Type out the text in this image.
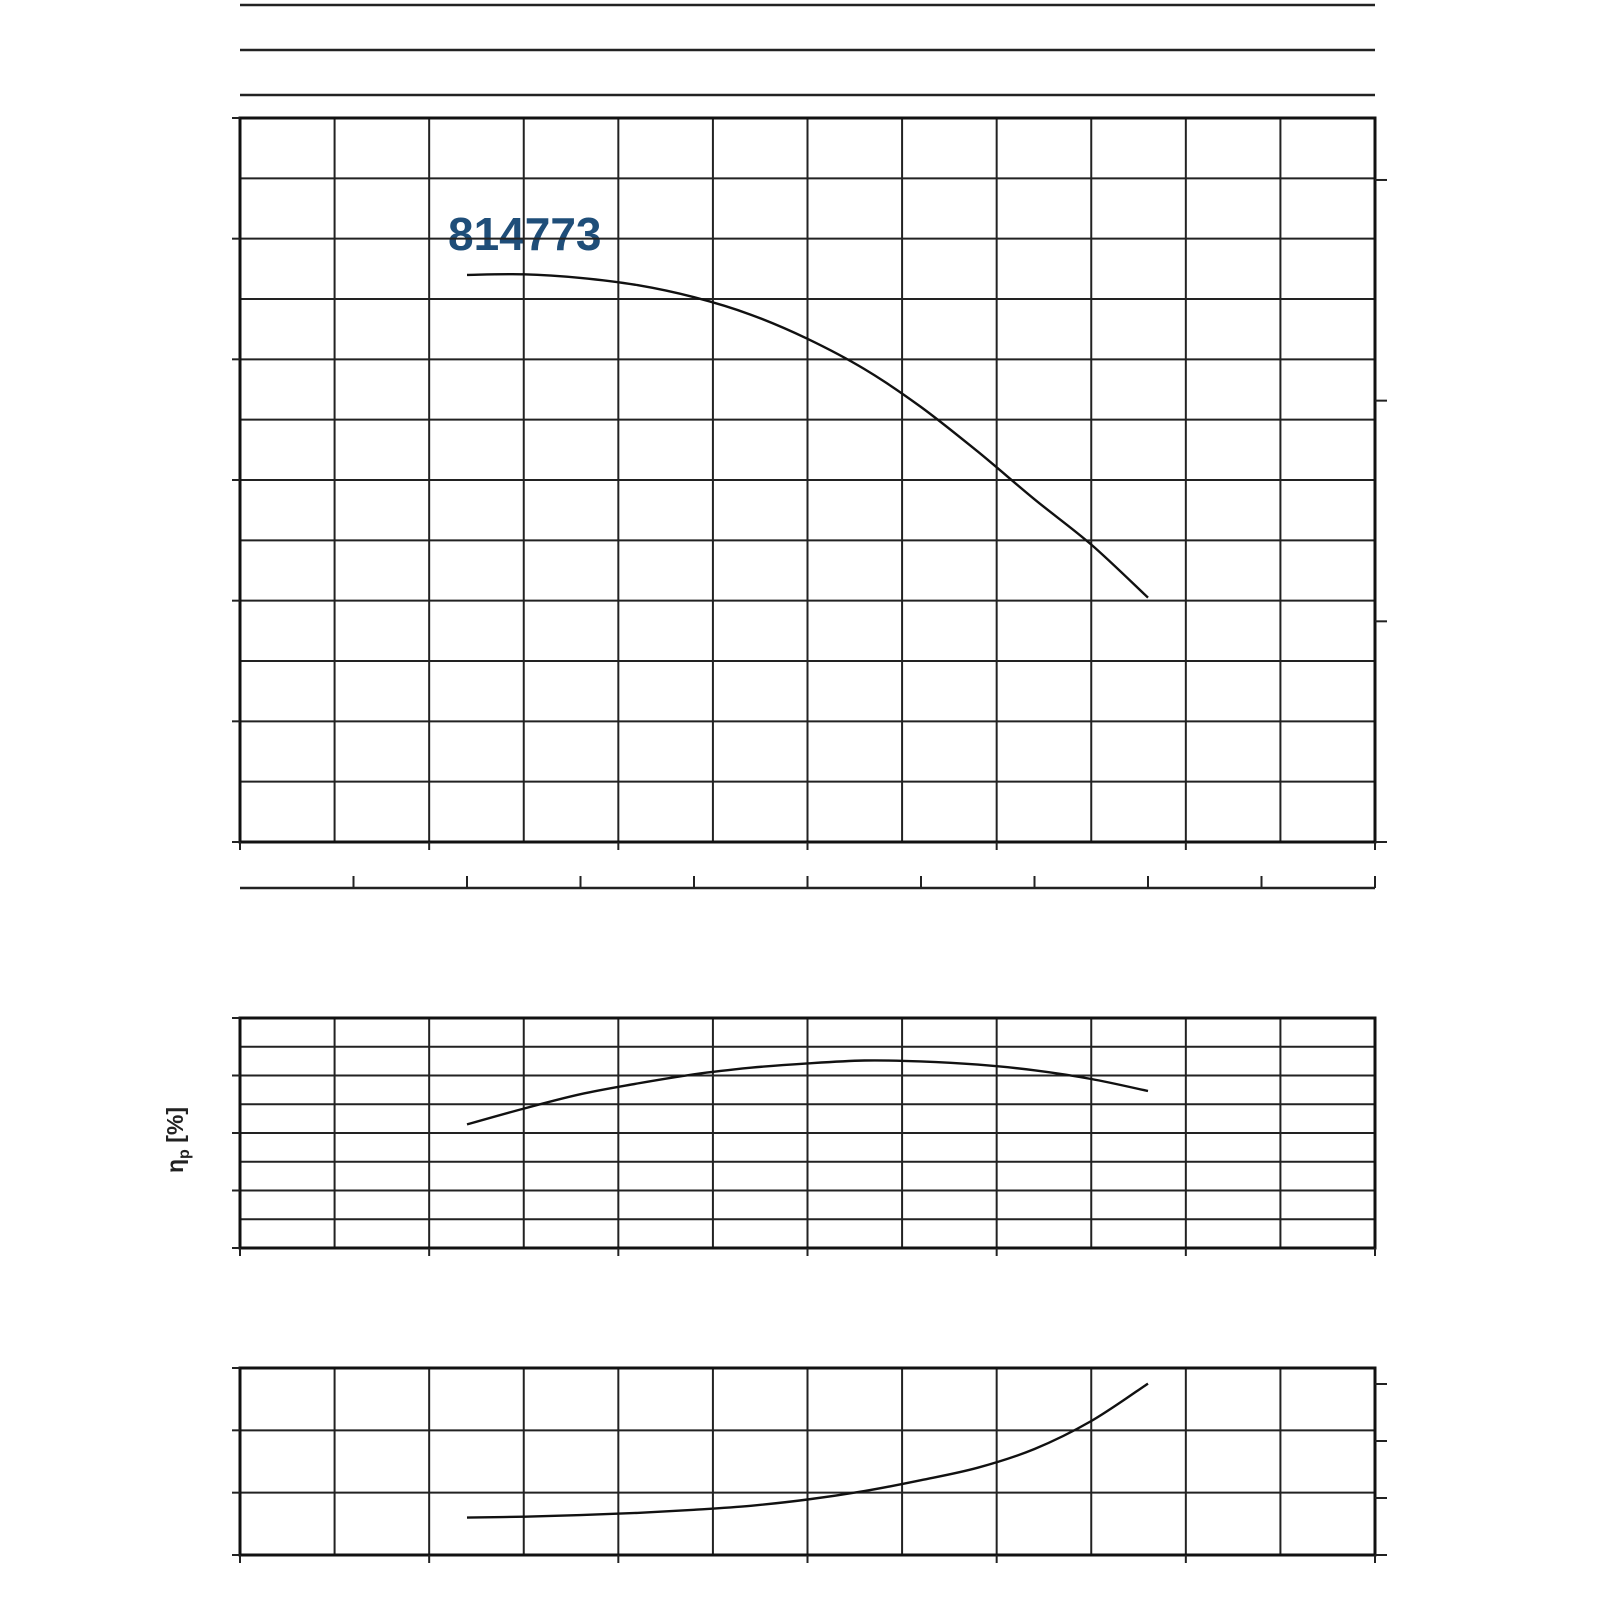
814773
$\eta_p$ [%]
